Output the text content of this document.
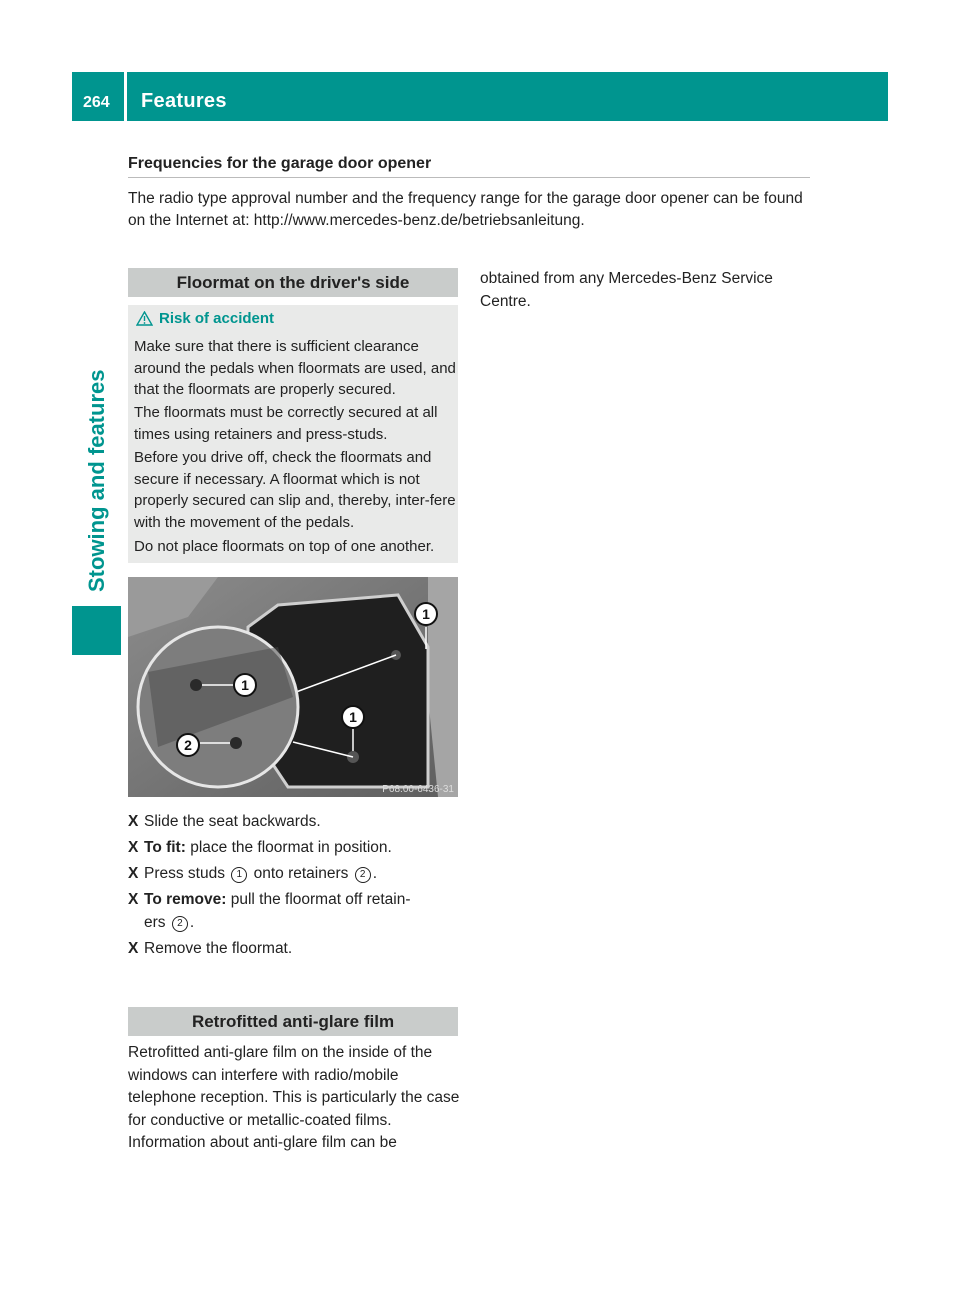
264 Features
Stowing and features
Frequencies for the garage door opener
The radio type approval number and the frequency range for the garage door opener can be found on the Internet at: http://www.mercedes-benz.de/betriebsanleitung.
Floormat on the driver's side
Risk of accident
Make sure that there is sufficient clearance around the pedals when floormats are used, and that the floormats are properly secured.
The floormats must be correctly secured at all times using retainers and press-studs.
Before you drive off, check the floormats and secure if necessary. A floormat which is not properly secured can slip and, thereby, inter-fere with the movement of the pedals.
Do not place floormats on top of one another.
1
1
1
2
P68.00-6436-31
X Slide the seat backwards.
X To fit: place the floormat in position.
X Press studs 1 onto retainers 2 .
X To remove: pull the floormat off retain-
ers 2 .
X Remove the floormat.
Retrofitted anti-glare film
Retrofitted anti-glare film on the inside of the windows can interfere with radio/mobile telephone reception. This is particularly the case for conductive or metallic-coated films. Information about anti-glare film can be
obtained from any Mercedes-Benz Service Centre.
